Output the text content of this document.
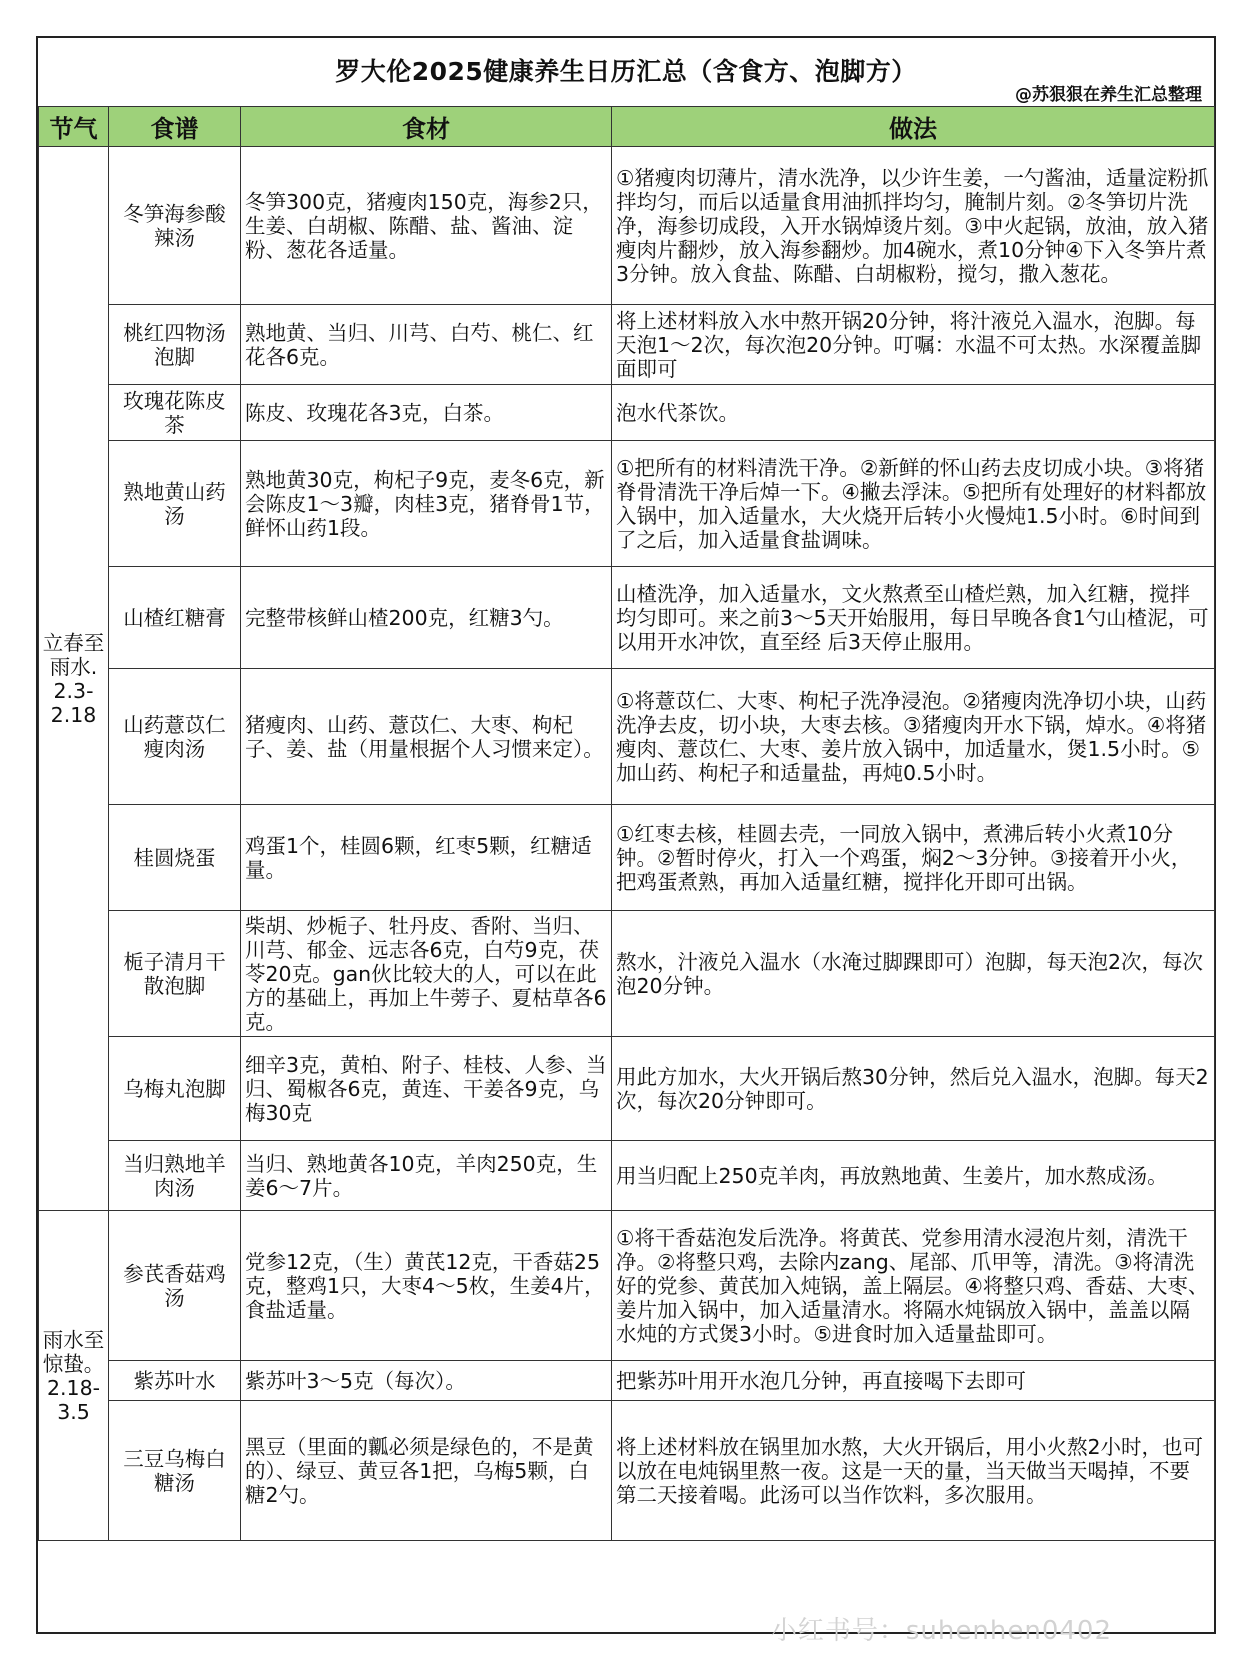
罗大伦2025健康养生日历汇总（含食方、泡脚方）
@苏狠狠在养生汇总整理
节气	食谱	食材	做法
立春至雨水. 2.3- 2.18	冬笋海参酸辣汤	冬笋300克，猪瘦肉150克，海参2只，生姜、白胡椒、陈醋、盐、酱油、淀粉、葱花各适量。	①猪瘦肉切薄片，清水洗净，以少许生姜，一勺酱油，适量淀粉抓拌均匀，而后以适量食用油抓拌均匀，腌制片刻。②冬笋切片洗净，海参切成段，入开水锅焯烫片刻。③中火起锅，放油，放入猪瘦肉片翻炒，放入海参翻炒。加4碗水，煮10分钟④下入冬笋片煮3分钟。放入食盐、陈醋、白胡椒粉，搅匀，撒入葱花。
	桃红四物汤泡脚	熟地黄、当归、川芎、白芍、桃仁、红花各6克。	将上述材料放入水中熬开锅20分钟，将汁液兑入温水，泡脚。每天泡1～2次，每次泡20分钟。叮嘱：水温不可太热。水深覆盖脚面即可
	玫瑰花陈皮茶	陈皮、玫瑰花各3克，白茶。	泡水代茶饮。
	熟地黄山药汤	熟地黄30克，枸杞子9克，麦冬6克，新会陈皮1～3瓣，肉桂3克，猪脊骨1节，鲜怀山药1段。	①把所有的材料清洗干净。②新鲜的怀山药去皮切成小块。③将猪脊骨清洗干净后焯一下。④撇去浮沫。⑤把所有处理好的材料都放入锅中，加入适量水，大火烧开后转小火慢炖1.5小时。⑥时间到了之后，加入适量食盐调味。
	山楂红糖膏	完整带核鲜山楂200克，红糖3勺。	山楂洗净，加入适量水，文火熬煮至山楂烂熟，加入红糖，搅拌均匀即可。来之前3～5天开始服用，每日早晚各食1勺山楂泥，可以用开水冲饮，直至经 后3天停止服用。
	山药薏苡仁瘦肉汤	猪瘦肉、山药、薏苡仁、大枣、枸杞子、姜、盐（用量根据个人习惯来定）。	①将薏苡仁、大枣、枸杞子洗净浸泡。②猪瘦肉洗净切小块，山药洗净去皮，切小块，大枣去核。③猪瘦肉开水下锅，焯水。④将猪瘦肉、薏苡仁、大枣、姜片放入锅中，加适量水，煲1.5小时。⑤加山药、枸杞子和适量盐，再炖0.5小时。
	桂圆烧蛋	鸡蛋1个，桂圆6颗，红枣5颗，红糖适量。	①红枣去核，桂圆去壳，一同放入锅中，煮沸后转小火煮10分钟。②暂时停火，打入一个鸡蛋，焖2～3分钟。③接着开小火，把鸡蛋煮熟，再加入适量红糖，搅拌化开即可出锅。
	栀子清月干散泡脚	柴胡、炒栀子、牡丹皮、香附、当归、川芎、郁金、远志各6克，白芍9克，茯苓20克。gan伙比较大的人，可以在此方的基础上，再加上牛蒡子、夏枯草各6克。	熬水，汁液兑入温水（水淹过脚踝即可）泡脚，每天泡2次，每次泡20分钟。
	乌梅丸泡脚	细辛3克，黄柏、附子、桂枝、人参、当归、蜀椒各6克，黄连、干姜各9克，乌梅30克	用此方加水，大火开锅后熬30分钟，然后兑入温水，泡脚。每天2次，每次20分钟即可。
	当归熟地羊肉汤	当归、熟地黄各10克，羊肉250克，生姜6～7片。	用当归配上250克羊肉，再放熟地黄、生姜片，加水熬成汤。
雨水至惊蛰。2.18-3.5	参芪香菇鸡汤	党参12克，（生）黄芪12克，干香菇25克，整鸡1只，大枣4～5枚，生姜4片，食盐适量。	①将干香菇泡发后洗净。将黄芪、党参用清水浸泡片刻，清洗干净。②将整只鸡，去除内zang、尾部、爪甲等，清洗。③将清洗好的党参、黄芪加入炖锅，盖上隔层。④将整只鸡、香菇、大枣、姜片加入锅中，加入适量清水。将隔水炖锅放入锅中，盖盖以隔水炖的方式煲3小时。⑤进食时加入适量盐即可。
	紫苏叶水	紫苏叶3～5克（每次）。	把紫苏叶用开水泡几分钟，再直接喝下去即可
	三豆乌梅白糖汤	黑豆（里面的瓤必须是绿色的，不是黄的）、绿豆、黄豆各1把，乌梅5颗，白糖2勺。	将上述材料放在锅里加水熬，大火开锅后，用小火熬2小时，也可以放在电炖锅里熬一夜。这是一天的量，当天做当天喝掉，不要第二天接着喝。此汤可以当作饮料，多次服用。
小红书号：suhenhen0402
